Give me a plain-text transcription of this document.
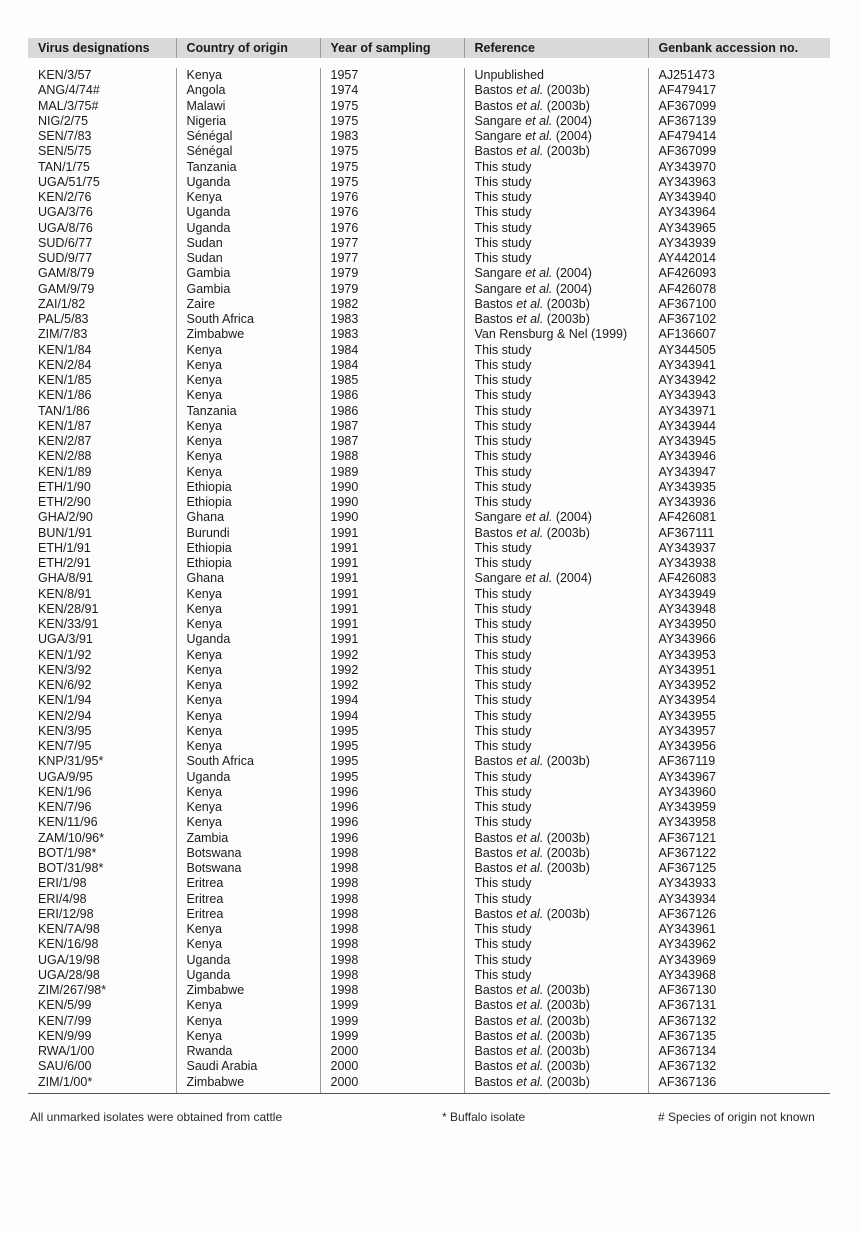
Virus designations	Country of origin	Year of sampling	Reference	Genbank accession no.

KEN/3/57	Kenya	1957	Unpublished	AJ251473
ANG/4/74#	Angola	1974	Bastos et al. (2003b)	AF479417
MAL/3/75#	Malawi	1975	Bastos et al. (2003b)	AF367099
NIG/2/75	Nigeria	1975	Sangare et al. (2004)	AF367139
SEN/7/83	Sénégal	1983	Sangare et al. (2004)	AF479414
SEN/5/75	Sénégal	1975	Bastos et al. (2003b)	AF367099
TAN/1/75	Tanzania	1975	This study	AY343970
UGA/51/75	Uganda	1975	This study	AY343963
KEN/2/76	Kenya	1976	This study	AY343940
UGA/3/76	Uganda	1976	This study	AY343964
UGA/8/76	Uganda	1976	This study	AY343965
SUD/6/77	Sudan	1977	This study	AY343939
SUD/9/77	Sudan	1977	This study	AY442014
GAM/8/79	Gambia	1979	Sangare et al. (2004)	AF426093
GAM/9/79	Gambia	1979	Sangare et al. (2004)	AF426078
ZAI/1/82	Zaire	1982	Bastos et al. (2003b)	AF367100
PAL/5/83	South Africa	1983	Bastos et al. (2003b)	AF367102
ZIM/7/83	Zimbabwe	1983	Van Rensburg & Nel (1999)	AF136607
KEN/1/84	Kenya	1984	This study	AY344505
KEN/2/84	Kenya	1984	This study	AY343941
KEN/1/85	Kenya	1985	This study	AY343942
KEN/1/86	Kenya	1986	This study	AY343943
TAN/1/86	Tanzania	1986	This study	AY343971
KEN/1/87	Kenya	1987	This study	AY343944
KEN/2/87	Kenya	1987	This study	AY343945
KEN/2/88	Kenya	1988	This study	AY343946
KEN/1/89	Kenya	1989	This study	AY343947
ETH/1/90	Ethiopia	1990	This study	AY343935
ETH/2/90	Ethiopia	1990	This study	AY343936
GHA/2/90	Ghana	1990	Sangare et al. (2004)	AF426081
BUN/1/91	Burundi	1991	Bastos et al. (2003b)	AF367111
ETH/1/91	Ethiopia	1991	This study	AY343937
ETH/2/91	Ethiopia	1991	This study	AY343938
GHA/8/91	Ghana	1991	Sangare et al. (2004)	AF426083
KEN/8/91	Kenya	1991	This study	AY343949
KEN/28/91	Kenya	1991	This study	AY343948
KEN/33/91	Kenya	1991	This study	AY343950
UGA/3/91	Uganda	1991	This study	AY343966
KEN/1/92	Kenya	1992	This study	AY343953
KEN/3/92	Kenya	1992	This study	AY343951
KEN/6/92	Kenya	1992	This study	AY343952
KEN/1/94	Kenya	1994	This study	AY343954
KEN/2/94	Kenya	1994	This study	AY343955
KEN/3/95	Kenya	1995	This study	AY343957
KEN/7/95	Kenya	1995	This study	AY343956
KNP/31/95*	South Africa	1995	Bastos et al. (2003b)	AF367119
UGA/9/95	Uganda	1995	This study	AY343967
KEN/1/96	Kenya	1996	This study	AY343960
KEN/7/96	Kenya	1996	This study	AY343959
KEN/11/96	Kenya	1996	This study	AY343958
ZAM/10/96*	Zambia	1996	Bastos et al. (2003b)	AF367121
BOT/1/98*	Botswana	1998	Bastos et al. (2003b)	AF367122
BOT/31/98*	Botswana	1998	Bastos et al. (2003b)	AF367125
ERI/1/98	Eritrea	1998	This study	AY343933
ERI/4/98	Eritrea	1998	This study	AY343934
ERI/12/98	Eritrea	1998	Bastos et al. (2003b)	AF367126
KEN/7A/98	Kenya	1998	This study	AY343961
KEN/16/98	Kenya	1998	This study	AY343962
UGA/19/98	Uganda	1998	This study	AY343969
UGA/28/98	Uganda	1998	This study	AY343968
ZIM/267/98*	Zimbabwe	1998	Bastos et al. (2003b)	AF367130
KEN/5/99	Kenya	1999	Bastos et al. (2003b)	AF367131
KEN/7/99	Kenya	1999	Bastos et al. (2003b)	AF367132
KEN/9/99	Kenya	1999	Bastos et al. (2003b)	AF367135
RWA/1/00	Rwanda	2000	Bastos et al. (2003b)	AF367134
SAU/6/00	Saudi Arabia	2000	Bastos et al. (2003b)	AF367132
ZIM/1/00*	Zimbabwe	2000	Bastos et al. (2003b)	AF367136
All unmarked isolates were obtained from cattle	* Buffalo isolate	# Species of origin not known
